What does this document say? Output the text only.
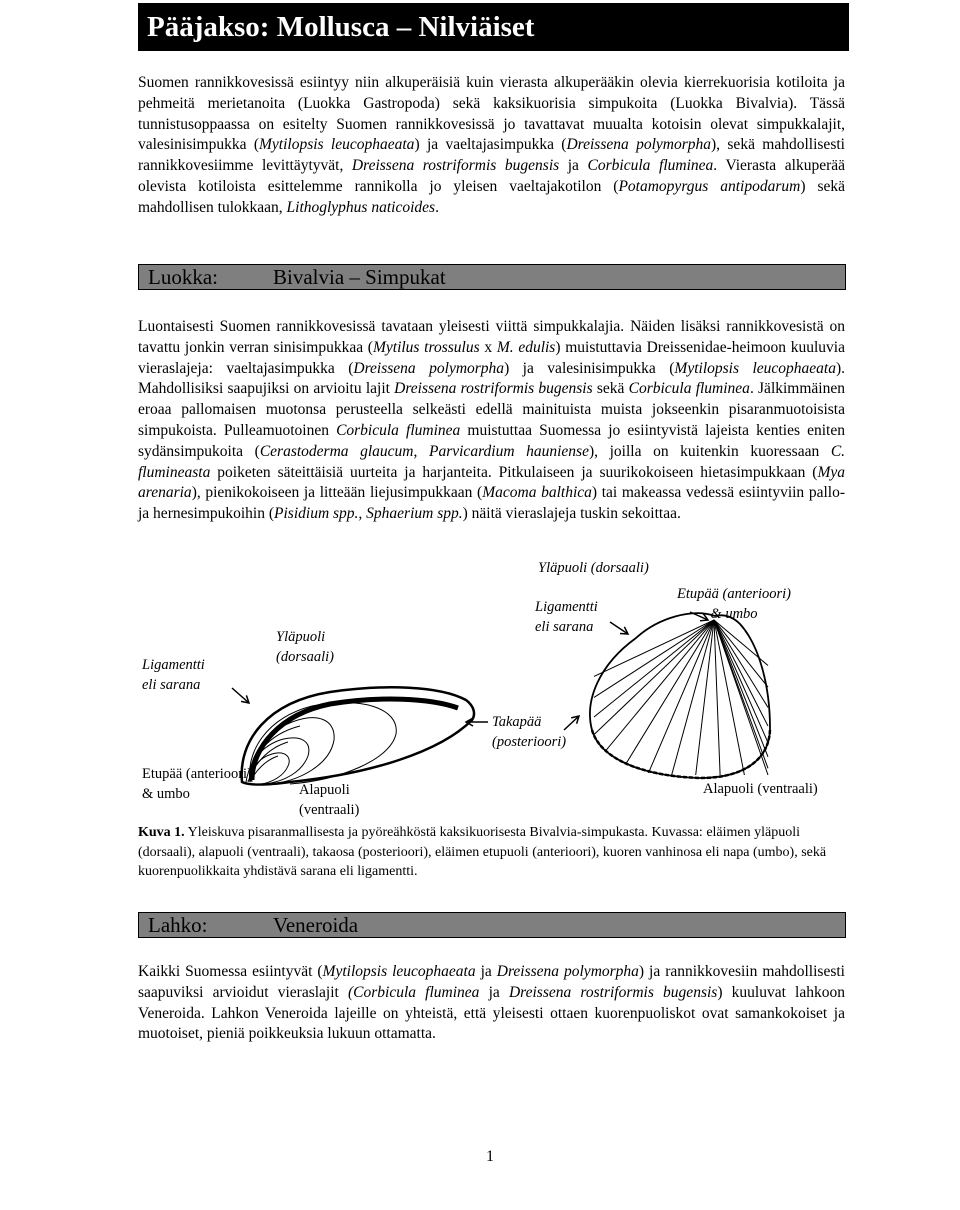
Pääjakso: Mollusca – Nilviäiset

Suomen rannikkovesissä esiintyy niin alkuperäisiä kuin vierasta alkuperääkin olevia kierrekuorisia kotiloita ja pehmeitä merietanoita (Luokka Gastropoda) sekä kaksikuorisia simpukoita (Luokka Bivalvia). Tässä tunnistusoppaassa on esitelty Suomen rannikkovesissä jo tavattavat muualta kotoisin olevat simpukkalajit, valesinisimpukka (Mytilopsis leucophaeata) ja vaeltajasimpukka (Dreissena polymorpha), sekä mahdollisesti rannikkovesiimme levittäytyvät, Dreissena rostriformis bugensis ja Corbicula fluminea. Vierasta alkuperää olevista kotiloista esittelemme rannikolla jo yleisen vaeltajakotilon (Potamopyrgus antipodarum) sekä mahdollisen tulokkaan, Lithoglyphus naticoides.

Luokka:	Bivalvia – Simpukat

Luontaisesti Suomen rannikkovesissä tavataan yleisesti viittä simpukkalajia. Näiden lisäksi rannikkovesistä on tavattu jonkin verran sinisimpukkaa (Mytilus trossulus x M. edulis) muistuttavia Dreissenidae-heimoon kuuluvia vieraslajeja: vaeltajasimpukka (Dreissena polymorpha) ja valesinisimpukka (Mytilopsis leucophaeata). Mahdollisiksi saapujiksi on arvioitu lajit Dreissena rostriformis bugensis sekä Corbicula fluminea. Jälkimmäinen eroaa pallomaisen muotonsa perusteella selkeästi edellä mainituista muista jokseenkin pisaranmuotoisista simpukoista. Pulleamuotoinen Corbicula fluminea muistuttaa Suomessa jo esiintyvistä lajeista kenties eniten sydänsimpukoita (Cerastoderma glaucum, Parvicardium hauniense), joilla on kuitenkin kuoressaan C. flumineasta poiketen säteittäisiä uurteita ja harjanteita. Pitkulaiseen ja suurikokoiseen hietasimpukkaan (Mya arenaria), pienikokoiseen ja litteään liejusimpukkaan (Macoma balthica) tai makeassa vedessä esiintyviin pallo- ja hernesimpukoihin (Pisidium spp., Sphaerium spp.) näitä vieraslajeja tuskin sekoittaa.

Ligamentti
eli sarana

Yläpuoli
(dorsaali)

Etupää (anterioori)
& umbo	Alapuoli
(ventraali)

Yläpuoli (dorsaali)

Ligamentti
eli sarana

Etupää (anterioori)
& umbo

Takapää
(posterioori)

Alapuoli (ventraali)

Kuva 1. Yleiskuva pisaranmallisesta ja pyöreähköstä kaksikuorisesta Bivalvia-simpukasta. Kuvassa: eläimen yläpuoli (dorsaali), alapuoli (ventraali), takaosa (posterioori), eläimen etupuoli (anterioori), kuoren vanhinosa eli napa (umbo), sekä kuorenpuolikkaita yhdistävä sarana eli ligamentti.

Lahko:	Veneroida

Kaikki Suomessa esiintyvät (Mytilopsis leucophaeata ja Dreissena polymorpha) ja rannikkovesiin mahdollisesti saapuviksi arvioidut vieraslajit (Corbicula fluminea ja Dreissena rostriformis bugensis) kuuluvat lahkoon Veneroida. Lahkon Veneroida lajeille on yhteistä, että yleisesti ottaen kuorenpuoliskot ovat samankokoiset ja muotoiset, pieniä poikkeuksia lukuun ottamatta.

1
